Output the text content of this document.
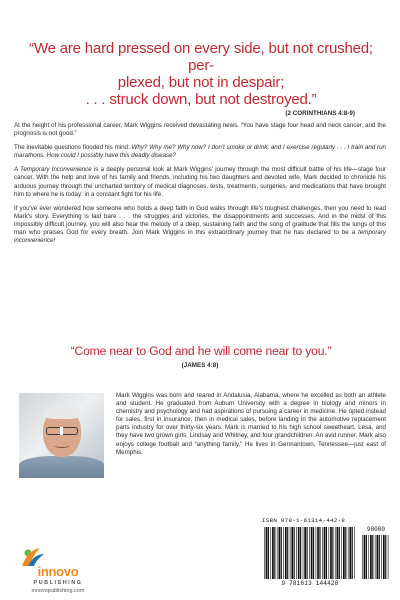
“We are hard pressed on every side, but not crushed; per-
plexed, but not in despair;
. . . struck down, but not destroyed.”
(2 CORINTHIANS 4:8-9)

At the height of his professional career, Mark Wiggins received devastating news. “You have stage four head and neck cancer, and the prognosis is not good.”

The inevitable questions flooded his mind: Why? Why me? Why now? I don't smoke or drink, and I exercise regularly . . . I train and run marathons. How could I possibly have this deadly disease?

A Temporary Inconvenience is a deeply personal look at Mark Wiggins' journey through the most difficult battle of his life—stage four cancer. With the help and love of his family and friends, including his two daughters and devoted wife, Mark decided to chronicle his arduous journey through the uncharted territory of medical diagnoses, tests, treatments, surgeries, and medications that have brought him to where he is today: in a constant fight for his life.

If you've ever wondered how someone who holds a deep faith in God walks through life's toughest challenges, then you need to read Mark's story. Everything is laid bare . . . the struggles and victories, the disappointments and successes. And in the midst of this impossibly difficult journey, you will also hear the melody of a deep, sustaining faith and the song of gratitude that fills the lungs of this man who praises God for every breath. Join Mark Wiggins in this extraordinary journey that he has declared to be a temporary inconvenience!

“Come near to God and he will come near to you.”
(JAMES 4:8)
Mark Wiggins was born and reared in Andalusia, Alabama, where he excelled as both an athlete and student. He graduated from Auburn University with a degree in biology and minors in chemistry and psychology and had aspirations of pursuing a career in medicine. He opted instead for sales, first in insurance, then in medical sales, before landing in the automotive replacement parts industry for over thirty-six years. Mark is married to his high school sweetheart, Lesa, and they have two grown girls, Lindsay and Whitney, and four grandchildren. An avid runner, Mark also enjoys college football and “anything family.” He lives in Germantown, Tennessee—just east of Memphis.
innovo
PUBLISHING
innovopublishing.com
ISBN 978-1-61314-442-8
90000
9 781613 144428
